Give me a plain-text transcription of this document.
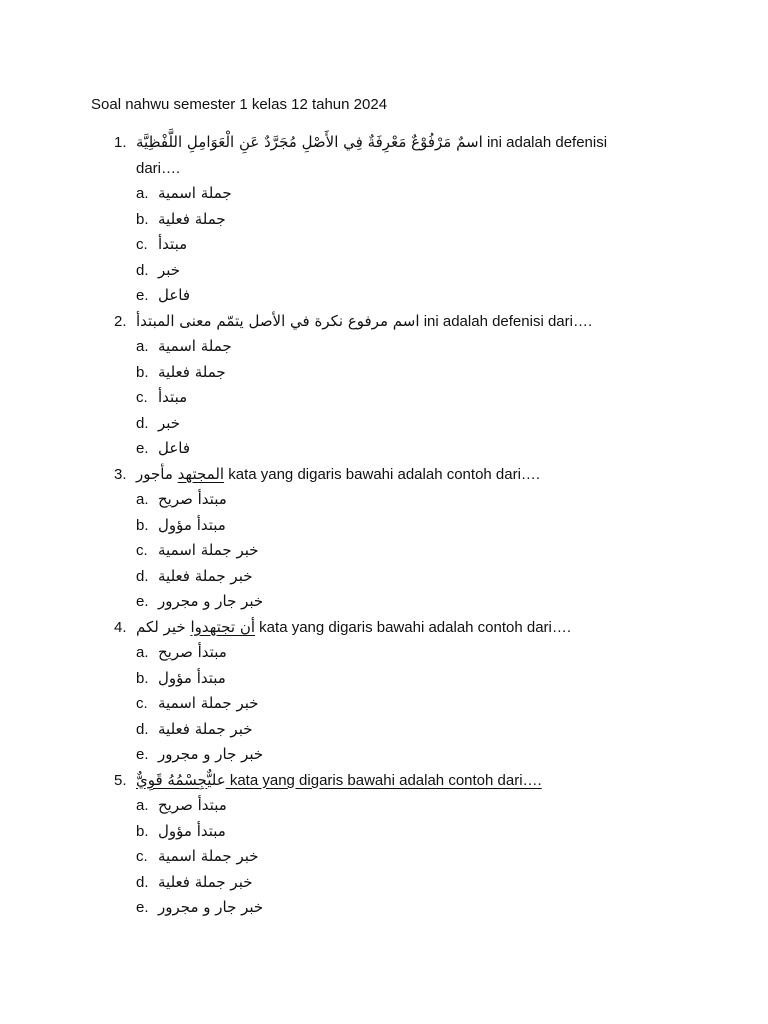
Soal nahwu semester 1 kelas 12 tahun 2024
1. اسمٌ مَرْفُوْعٌ مَعْرِفَةٌ فِي الأَصْلِ مُجَرَّدٌ عَنِ الْعَوَامِلِ اللَّفْظِيَّة ini adalah defenisi
dari….
a. جملة اسمية
b. جملة فعلية
c. مبتدأ
d. خبر
e. فاعل
2. اسم مرفوع نكرة في الأصل يتمّم معنى المبتدأ ini adalah defenisi dari….
a. جملة اسمية
b. جملة فعلية
c. مبتدأ
d. خبر
e. فاعل
3.	المجتهد مأجور	kata yang digaris bawahi adalah contoh dari….
a. مبتدأ صريح
b. مبتدأ مؤول
c. خبر جملة اسمية
d. خبر جملة فعلية
e. خبر جار و مجرور
4.	أن تجتهدوا خير لكم	kata yang digaris bawahi adalah contoh dari….
a. مبتدأ صريح
b. مبتدأ مؤول
c. خبر جملة اسمية
d. خبر جملة فعلية
e. خبر جار و مجرور
5.	عليٌّجِسْمُهُ قَوِيٌّ kata yang digaris bawahi adalah contoh dari….
a. مبتدأ صريح
b. مبتدأ مؤول
c. خبر جملة اسمية
d. خبر جملة فعلية
e. خبر جار و مجرور
